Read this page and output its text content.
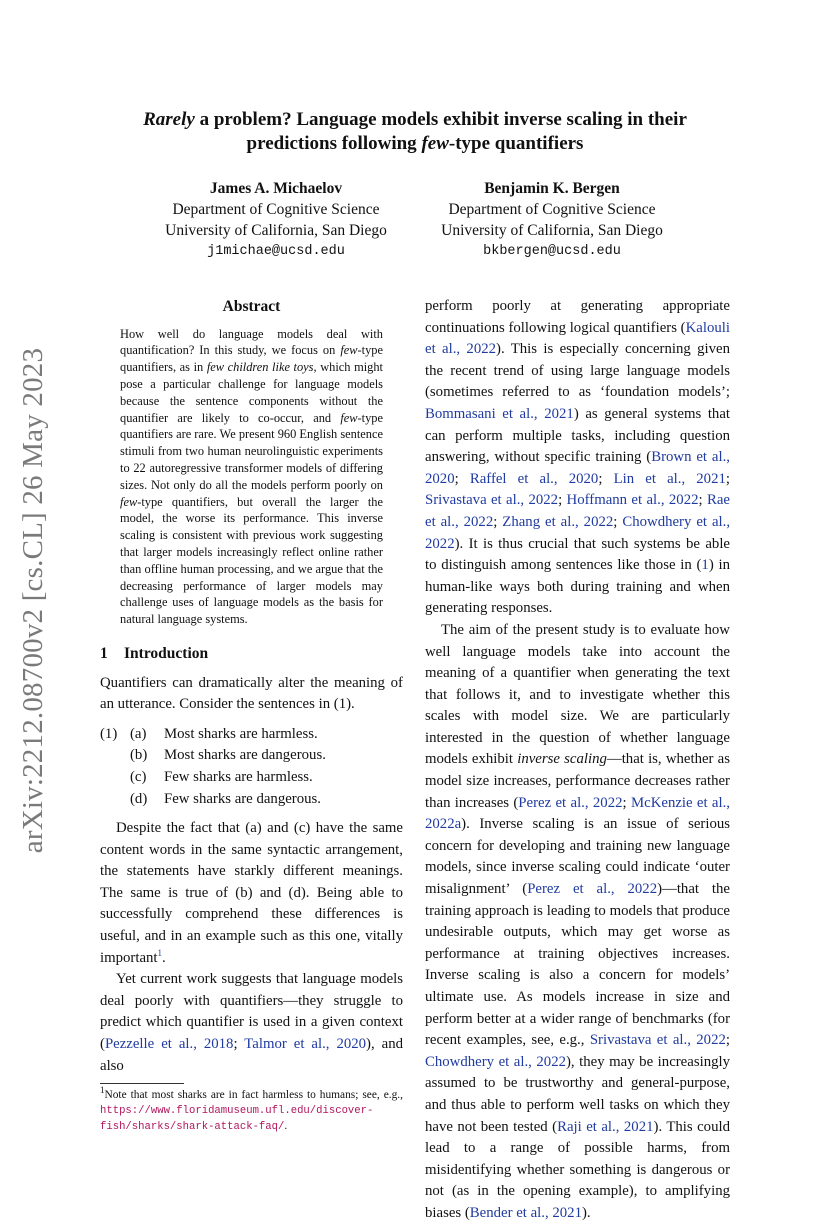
arXiv:2212.08700v2 [cs.CL] 26 May 2023
Rarely a problem? Language models exhibit inverse scaling in their predictions following few-type quantifiers
James A. Michaelov
Department of Cognitive Science
University of California, San Diego
j1michae@ucsd.edu
Benjamin K. Bergen
Department of Cognitive Science
University of California, San Diego
bkbergen@ucsd.edu
Abstract
How well do language models deal with quantification? In this study, we focus on few-type quantifiers, as in few children like toys, which might pose a particular challenge for language models because the sentence components without the quantifier are likely to co-occur, and few-type quantifiers are rare. We present 960 English sentence stimuli from two human neurolinguistic experiments to 22 autoregressive transformer models of differing sizes. Not only do all the models perform poorly on few-type quantifiers, but overall the larger the model, the worse its performance. This inverse scaling is consistent with previous work suggesting that larger models increasingly reflect online rather than offline human processing, and we argue that the decreasing performance of larger models may challenge uses of language models as the basis for natural language systems.
1 Introduction

Quantifiers can dramatically alter the meaning of an utterance. Consider the sentences in (1).

(1) (a)	Most sharks are harmless.
(b)	Most sharks are dangerous.
(c)	Few sharks are harmless.
(d)	Few sharks are dangerous.

Despite the fact that (a) and (c) have the same content words in the same syntactic arrangement, the statements have starkly different meanings. The same is true of (b) and (d). Being able to successfully comprehend these differences is useful, and in an example such as this one, vitally important$^1$.

Yet current work suggests that language models deal poorly with quantifiers—they struggle to predict which quantifier is used in a given context (Pezzelle et al., 2018; Talmor et al., 2020), and also

$^1$Note that most sharks are in fact harmless to humans; see, e.g., https://www.floridamuseum.ufl.edu/discover-fish/sharks/shark-attack-faq/.

perform poorly at generating appropriate continuations following logical quantifiers (Kalouli et al., 2022). This is especially concerning given the recent trend of using large language models (sometimes referred to as ‘foundation models’; Bommasani et al., 2021) as general systems that can perform multiple tasks, including question answering, without specific training (Brown et al., 2020; Raffel et al., 2020; Lin et al., 2021; Srivastava et al., 2022; Hoffmann et al., 2022; Rae et al., 2022; Zhang et al., 2022; Chowdhery et al., 2022). It is thus crucial that such systems be able to distinguish among sentences like those in (1) in human-like ways both during training and when generating responses.

The aim of the present study is to evaluate how well language models take into account the meaning of a quantifier when generating the text that follows it, and to investigate whether this scales with model size. We are particularly interested in the question of whether language models exhibit inverse scaling—that is, whether as model size increases, performance decreases rather than increases (Perez et al., 2022; McKenzie et al., 2022a). Inverse scaling is an issue of serious concern for developing and training new language models, since inverse scaling could indicate ‘outer misalignment’ (Perez et al., 2022)—that the training approach is leading to models that produce undesirable outputs, which may get worse as performance at training objectives increases. Inverse scaling is also a concern for models’ ultimate use. As models increase in size and perform better at a wider range of benchmarks (for recent examples, see, e.g., Srivastava et al., 2022; Chowdhery et al., 2022), they may be increasingly assumed to be trustworthy and general-purpose, and thus able to perform well tasks on which they have not been tested (Raji et al., 2021). This could lead to a range of possible harms, from misidentifying whether something is dangerous or not (as in the opening example), to amplifying biases (Bender et al., 2021).
